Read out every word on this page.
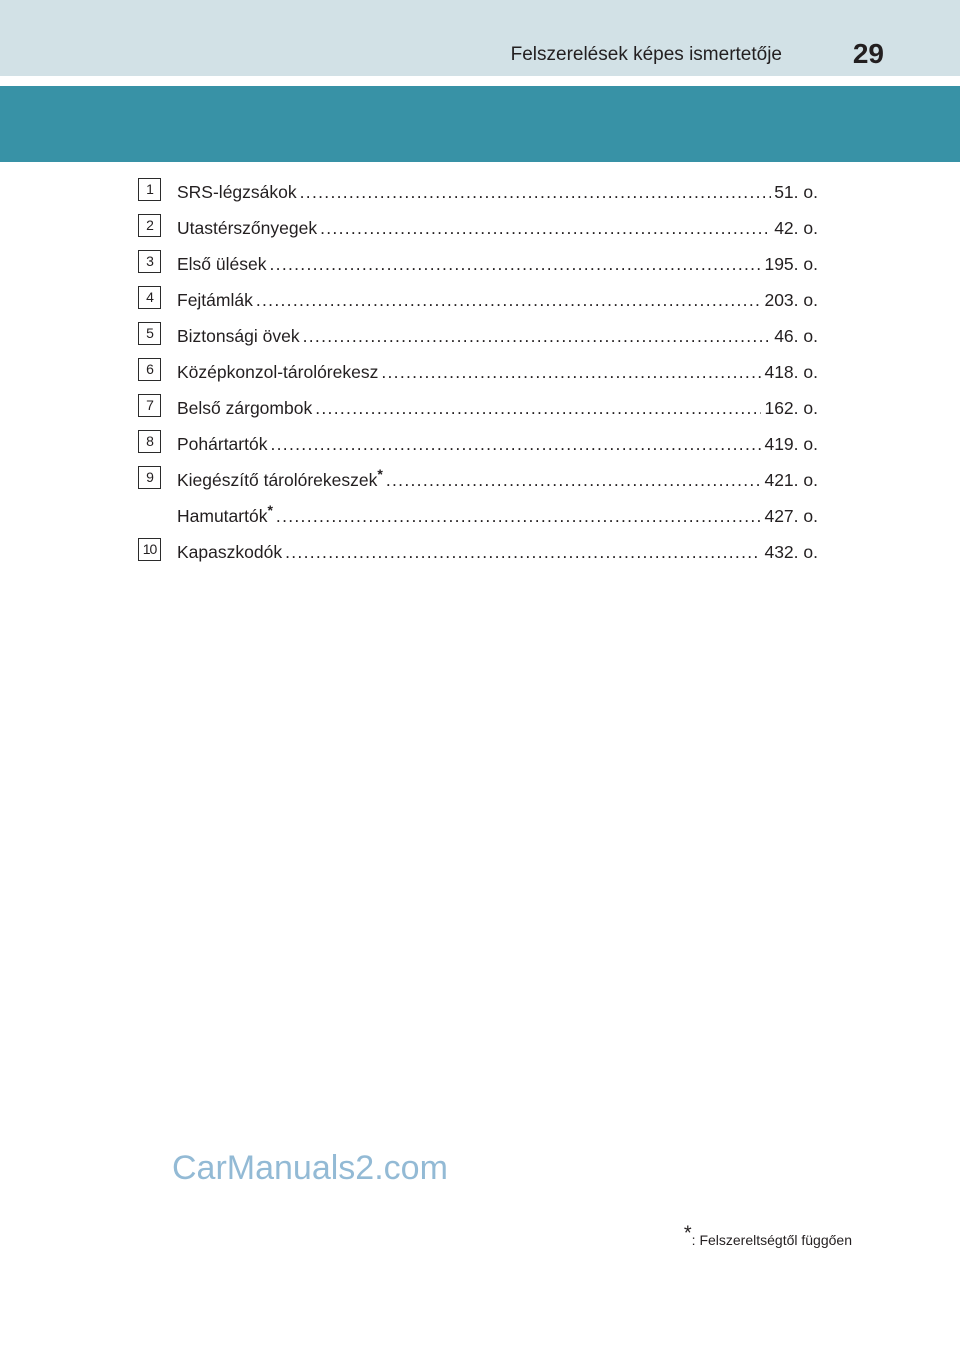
Felszerelések képes ismertetője	29
1	SRS-légzsákok .....	51. o.
2	Utastérszőnyegek .....	42. o.
3	Első ülések .....	195. o.
4	Fejtámlák .....	203. o.
5	Biztonsági övek .....	46. o.
6	Középkonzol-tárolórekesz .....	418. o.
7	Belső zárgombok .....	162. o.
8	Pohártartók .....	419. o.
9	Kiegészítő tárolórekeszek* .....	421. o.
Hamutartók* .....	427. o.
10 Kapaszkodók .....	432. o.
CarManuals2.com
*: Felszereltségtől függően
